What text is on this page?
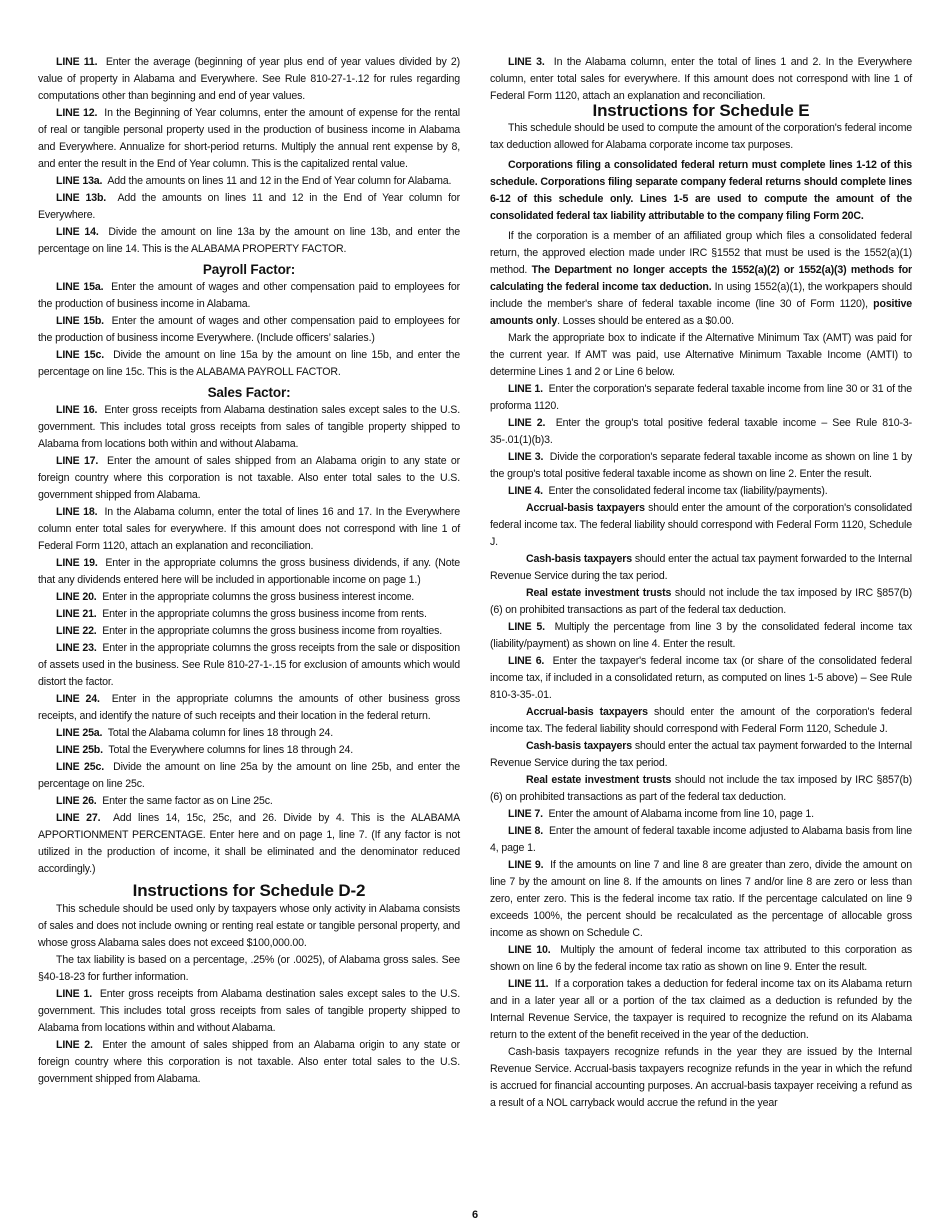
LINE 11. Enter the average (beginning of year plus end of year values divided by 2) value of property in Alabama and Everywhere. See Rule 810-27-1-.12 for rules regarding computations other than beginning and end of year values.

LINE 12. In the Beginning of Year columns, enter the amount of expense for the rental of real or tangible personal property used in the production of business income in Alabama and Everywhere. Annualize for short-period returns. Multiply the annual rent expense by 8, and enter the result in the End of Year column. This is the capitalized rental value.

LINE 13a. Add the amounts on lines 11 and 12 in the End of Year column for Alabama.

LINE 13b. Add the amounts on lines 11 and 12 in the End of Year column for Everywhere.

LINE 14. Divide the amount on line 13a by the amount on line 13b, and enter the percentage on line 14. This is the ALABAMA PROPERTY FACTOR.

Payroll Factor:

LINE 15a. Enter the amount of wages and other compensation paid to employees for the production of business income in Alabama.

LINE 15b. Enter the amount of wages and other compensation paid to employees for the production of business income Everywhere. (Include officers’ salaries.)

LINE 15c. Divide the amount on line 15a by the amount on line 15b, and enter the percentage on line 15c. This is the ALABAMA PAYROLL FACTOR.

Sales Factor:

LINE 16. Enter gross receipts from Alabama destination sales except sales to the U.S. government. This includes total gross receipts from sales of tangible property shipped to Alabama from locations both within and without Alabama.

LINE 17. Enter the amount of sales shipped from an Alabama origin to any state or foreign country where this corporation is not taxable. Also enter total sales to the U.S. government shipped from Alabama.

LINE 18. In the Alabama column, enter the total of lines 16 and 17. In the Everywhere column enter total sales for everywhere. If this amount does not correspond with line 1 of Federal Form 1120, attach an explanation and reconciliation.

LINE 19. Enter in the appropriate columns the gross business dividends, if any. (Note that any dividends entered here will be included in apportionable income on page 1.)

LINE 20. Enter in the appropriate columns the gross business interest income.

LINE 21. Enter in the appropriate columns the gross business income from rents.

LINE 22. Enter in the appropriate columns the gross business income from royalties.

LINE 23. Enter in the appropriate columns the gross receipts from the sale or disposition of assets used in the business. See Rule 810-27-1-.15 for exclusion of amounts which would distort the factor.

LINE 24. Enter in the appropriate columns the amounts of other business gross receipts, and identify the nature of such receipts and their location in the federal return.

LINE 25a. Total the Alabama column for lines 18 through 24.

LINE 25b. Total the Everywhere columns for lines 18 through 24.

LINE 25c. Divide the amount on line 25a by the amount on line 25b, and enter the percentage on line 25c.

LINE 26. Enter the same factor as on Line 25c.

LINE 27. Add lines 14, 15c, 25c, and 26. Divide by 4. This is the ALABAMA APPORTIONMENT PERCENTAGE. Enter here and on page 1, line 7. (If any factor is not utilized in the production of income, it shall be eliminated and the denominator reduced accordingly.)

Instructions for Schedule D-2

This schedule should be used only by taxpayers whose only activity in Alabama consists of sales and does not include owning or renting real estate or tangible personal property, and whose gross Alabama sales does not exceed $100,000.00.

The tax liability is based on a percentage, .25% (or .0025), of Alabama gross sales. See §40-18-23 for further information.

LINE 1. Enter gross receipts from Alabama destination sales except sales to the U.S. government. This includes total gross receipts from sales of tangible property shipped to Alabama from locations within and without Alabama.

LINE 2. Enter the amount of sales shipped from an Alabama origin to any state or foreign country where this corporation is not taxable. Also enter total sales to the U.S. government shipped from Alabama.

LINE 3. In the Alabama column, enter the total of lines 1 and 2. In the Everywhere column, enter total sales for everywhere. If this amount does not correspond with line 1 of Federal Form 1120, attach an explanation and reconciliation.

Instructions for Schedule E

This schedule should be used to compute the amount of the corporation's federal income tax deduction allowed for Alabama corporate income tax purposes.

Corporations filing a consolidated federal return must complete lines 1-12 of this schedule. Corporations filing separate company federal returns should complete lines 6-12 of this schedule only. Lines 1-5 are used to compute the amount of the consolidated federal tax liability attributable to the company filing Form 20C.

If the corporation is a member of an affiliated group which files a consolidated federal return, the approved election made under IRC §1552 that must be used is the 1552(a)(1) method. The Department no longer accepts the 1552(a)(2) or 1552(a)(3) methods for calculating the federal income tax deduction. In using 1552(a)(1), the workpapers should include the member's share of federal taxable income (line 30 of Form 1120), positive amounts only. Losses should be entered as a $0.00.

Mark the appropriate box to indicate if the Alternative Minimum Tax (AMT) was paid for the current year. If AMT was paid, use Alternative Minimum Taxable Income (AMTI) to determine Lines 1 and 2 or Line 6 below.

LINE 1. Enter the corporation's separate federal taxable income from line 30 or 31 of the proforma 1120.

LINE 2. Enter the group's total positive federal taxable income – See Rule 810-3-35-.01(1)(b)3.

LINE 3. Divide the corporation's separate federal taxable income as shown on line 1 by the group's total positive federal taxable income as shown on line 2. Enter the result.

LINE 4. Enter the consolidated federal income tax (liability/payments).

Accrual-basis taxpayers should enter the amount of the corporation's consolidated federal income tax. The federal liability should correspond with Federal Form 1120, Schedule J.

Cash-basis taxpayers should enter the actual tax payment forwarded to the Internal Revenue Service during the tax period.

Real estate investment trusts should not include the tax imposed by IRC §857(b)(6) on prohibited transactions as part of the federal tax deduction.

LINE 5. Multiply the percentage from line 3 by the consolidated federal income tax (liability/payment) as shown on line 4. Enter the result.

LINE 6. Enter the taxpayer's federal income tax (or share of the consolidated federal income tax, if included in a consolidated return, as computed on lines 1-5 above) – See Rule 810-3-35-.01.

Accrual-basis taxpayers should enter the amount of the corporation's federal income tax. The federal liability should correspond with Federal Form 1120, Schedule J.

Cash-basis taxpayers should enter the actual tax payment forwarded to the Internal Revenue Service during the tax period.

Real estate investment trusts should not include the tax imposed by IRC §857(b)(6) on prohibited transactions as part of the federal tax deduction.

LINE 7. Enter the amount of Alabama income from line 10, page 1.

LINE 8. Enter the amount of federal taxable income adjusted to Alabama basis from line 4, page 1.

LINE 9. If the amounts on line 7 and line 8 are greater than zero, divide the amount on line 7 by the amount on line 8. If the amounts on lines 7 and/or line 8 are zero or less than zero, enter zero. This is the federal income tax ratio. If the percentage calculated on line 9 exceeds 100%, the percent should be recalculated as the percentage of allocable gross income as shown on Schedule C.

LINE 10. Multiply the amount of federal income tax attributed to this corporation as shown on line 6 by the federal income tax ratio as shown on line 9. Enter the result.

LINE 11. If a corporation takes a deduction for federal income tax on its Alabama return and in a later year all or a portion of the tax claimed as a deduction is refunded by the Internal Revenue Service, the taxpayer is required to recognize the refund on its Alabama return to the extent of the benefit received in the year of the deduction.

Cash-basis taxpayers recognize refunds in the year they are issued by the Internal Revenue Service. Accrual-basis taxpayers recognize refunds in the year in which the refund is accrued for financial accounting purposes. An accrual-basis taxpayer receiving a refund as a result of a NOL carryback would accrue the refund in the year

6
